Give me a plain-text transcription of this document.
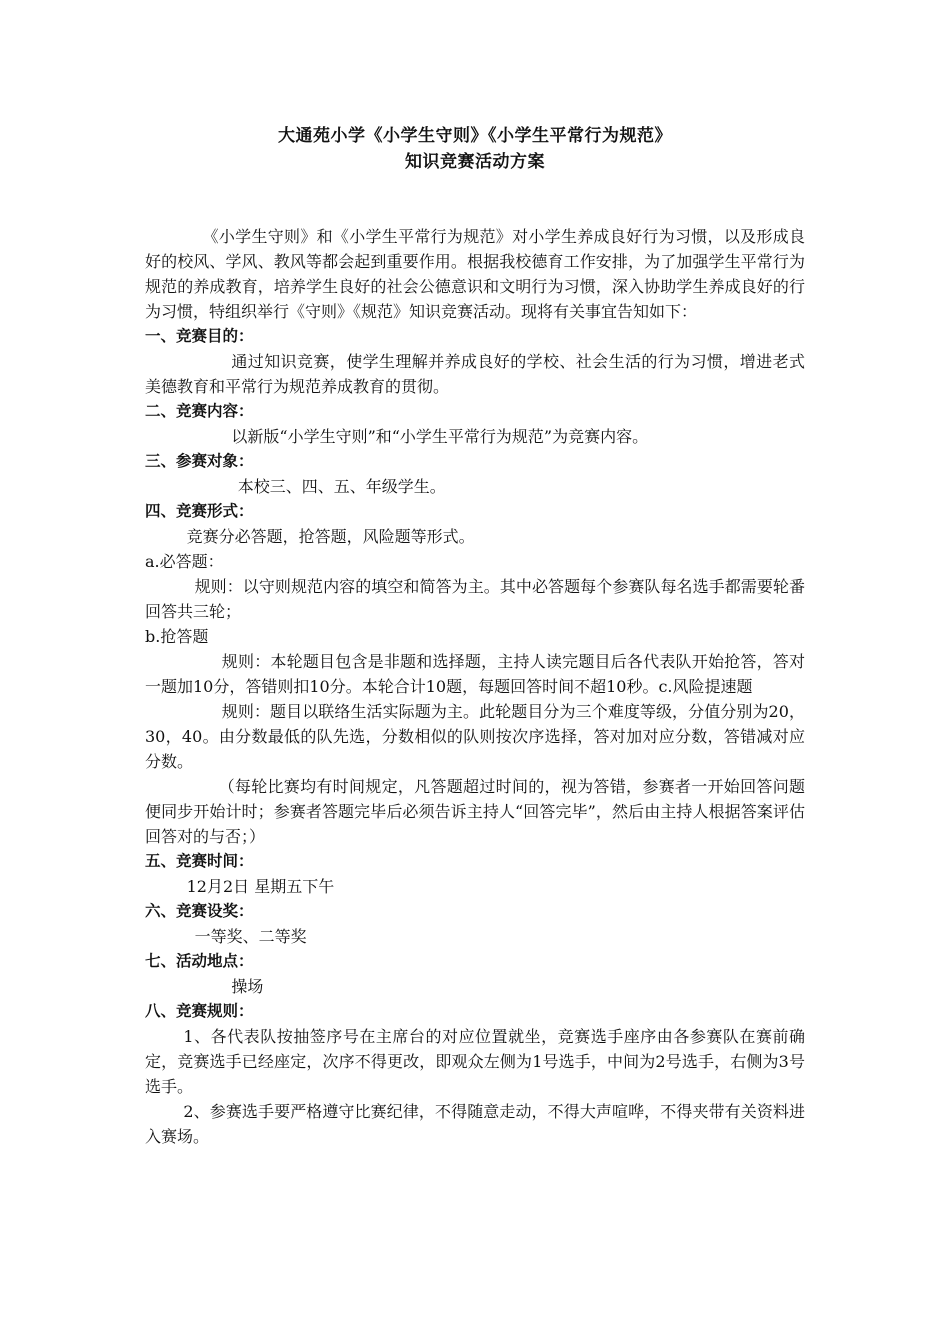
大通苑小学《小学生守则》《小学生平常行为规范》
知识竞赛活动方案

《小学生守则》和《小学生平常行为规范》对小学生养成良好行为习惯，以及形成良好的校风、学风、教风等都会起到重要作用。根据我校德育工作安排，为了加强学生平常行为规范的养成教育，培养学生良好的社会公德意识和文明行为习惯，深入协助学生养成良好的行为习惯，特组织举行《守则》《规范》知识竞赛活动。现将有关事宜告知如下：

一、竞赛目的：

通过知识竞赛，使学生理解并养成良好的学校、社会生活的行为习惯，增进老式美德教育和平常行为规范养成教育的贯彻。

二、竞赛内容：

以新版“小学生守则”和“小学生平常行为规范”为竞赛内容。

三、参赛对象：

本校三、四、五、年级学生。

四、竞赛形式：

竞赛分必答题，抢答题，风险题等形式。

a.必答题：

规则：以守则规范内容的填空和简答为主。其中必答题每个参赛队每名选手都需要轮番回答共三轮；

b.抢答题

规则：本轮题目包含是非题和选择题，主持人读完题目后各代表队开始抢答，答对一题加10分，答错则扣10分。本轮合计10题，每题回答时间不超10秒。c.风险提速题

规则：题目以联络生活实际题为主。此轮题目分为三个难度等级，分值分别为20，30，40。由分数最低的队先选，分数相似的队则按次序选择，答对加对应分数，答错减对应分数。

（每轮比赛均有时间规定，凡答题超过时间的，视为答错，参赛者一开始回答问题便同步开始计时；参赛者答题完毕后必须告诉主持人“回答完毕”，然后由主持人根据答案评估回答对的与否；）

五、竞赛时间：

12月2日 星期五下午

六、竞赛设奖：

一等奖、二等奖

七、活动地点：

操场

八、竞赛规则：

1、各代表队按抽签序号在主席台的对应位置就坐，竞赛选手座序由各参赛队在赛前确定，竞赛选手已经座定，次序不得更改，即观众左侧为1号选手，中间为2号选手，右侧为3号选手。

2、参赛选手要严格遵守比赛纪律，不得随意走动，不得大声喧哗，不得夹带有关资料进入赛场。
